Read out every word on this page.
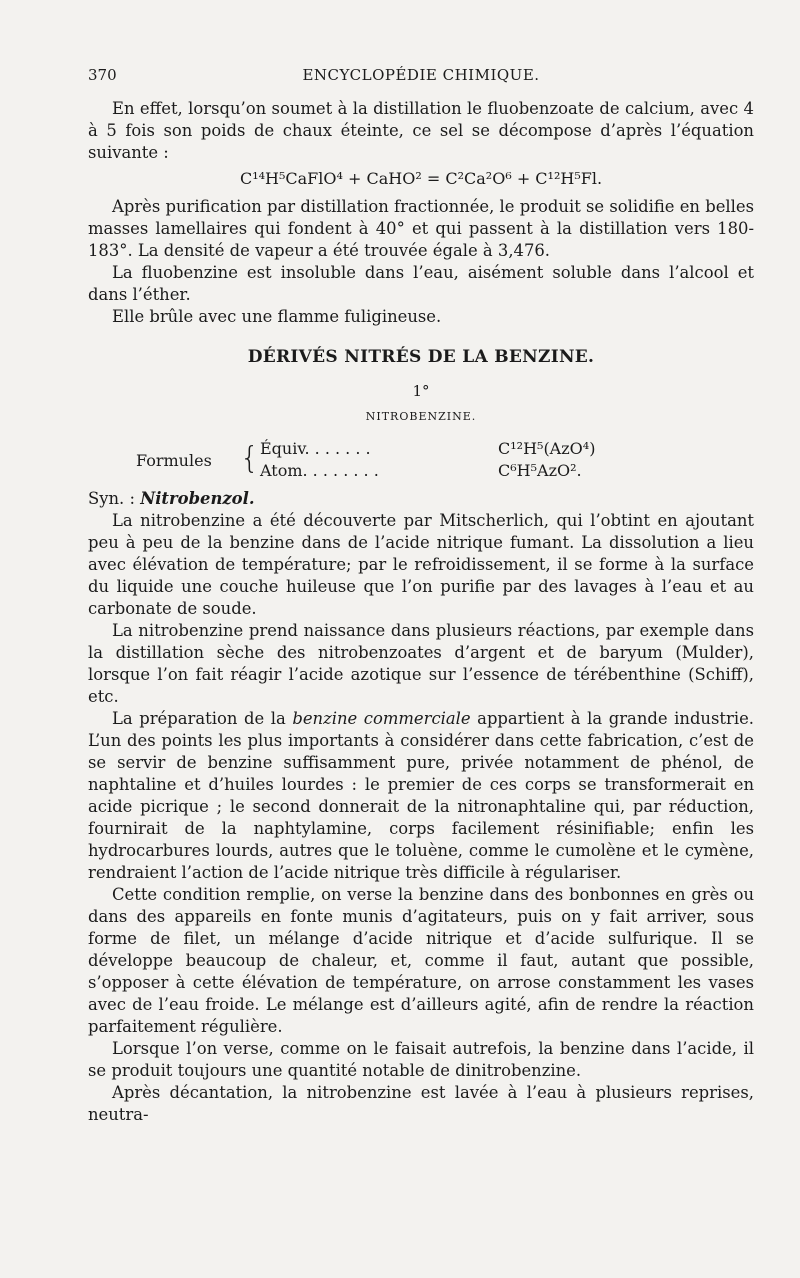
370	ENCYCLOPÉDIE CHIMIQUE.

En effet, lorsqu’on soumet à la distillation le fluobenzoate de calcium, avec 4 à 5 fois son poids de chaux éteinte, ce sel se décompose d’après l’équation suivante :

C¹⁴H⁵CaFlO⁴ + CaHO² = C²Ca²O⁶ + C¹²H⁵Fl.

Après purification par distillation fractionnée, le produit se solidifie en belles masses lamellaires qui fondent à 40° et qui passent à la distillation vers 180-183°. La densité de vapeur a été trouvée égale à 3,476.

La fluobenzine est insoluble dans l’eau, aisément soluble dans l’alcool et dans l’éther.

Elle brûle avec une flamme fuligineuse.

DÉRIVÉS NITRÉS DE LA BENZINE.
1°
NITROBENZINE.
Formules { Équiv. . . . . . .	C¹²H⁵(AzO⁴)
Atom. . . . . . . .	C⁶H⁵AzO².

Syn. : Nitrobenzol.

La nitrobenzine a été découverte par Mitscherlich, qui l’obtint en ajoutant peu à peu de la benzine dans de l’acide nitrique fumant. La dissolution a lieu avec élévation de température; par le refroidissement, il se forme à la surface du liquide une couche huileuse que l’on purifie par des lavages à l’eau et au carbonate de soude.

La nitrobenzine prend naissance dans plusieurs réactions, par exemple dans la distillation sèche des nitrobenzoates d’argent et de baryum (Mulder), lorsque l’on fait réagir l’acide azotique sur l’essence de térébenthine (Schiff), etc.

La préparation de la benzine commerciale appartient à la grande industrie. L’un des points les plus importants à considérer dans cette fabrication, c’est de se servir de benzine suffisamment pure, privée notamment de phénol, de naphtaline et d’huiles lourdes : le premier de ces corps se transformerait en acide picrique ; le second donnerait de la nitronaphtaline qui, par réduction, fournirait de la naphtylamine, corps facilement résinifiable; enfin les hydrocarbures lourds, autres que le toluène, comme le cumolène et le cymène, rendraient l’action de l’acide nitrique très difficile à régulariser.

Cette condition remplie, on verse la benzine dans des bonbonnes en grès ou dans des appareils en fonte munis d’agitateurs, puis on y fait arriver, sous forme de filet, un mélange d’acide nitrique et d’acide sulfurique. Il se développe beaucoup de chaleur, et, comme il faut, autant que possible, s’opposer à cette élévation de température, on arrose constamment les vases avec de l’eau froide. Le mélange est d’ailleurs agité, afin de rendre la réaction parfaitement régulière.

Lorsque l’on verse, comme on le faisait autrefois, la benzine dans l’acide, il se produit toujours une quantité notable de dinitrobenzine.

Après décantation, la nitrobenzine est lavée à l’eau à plusieurs reprises, neutra-
